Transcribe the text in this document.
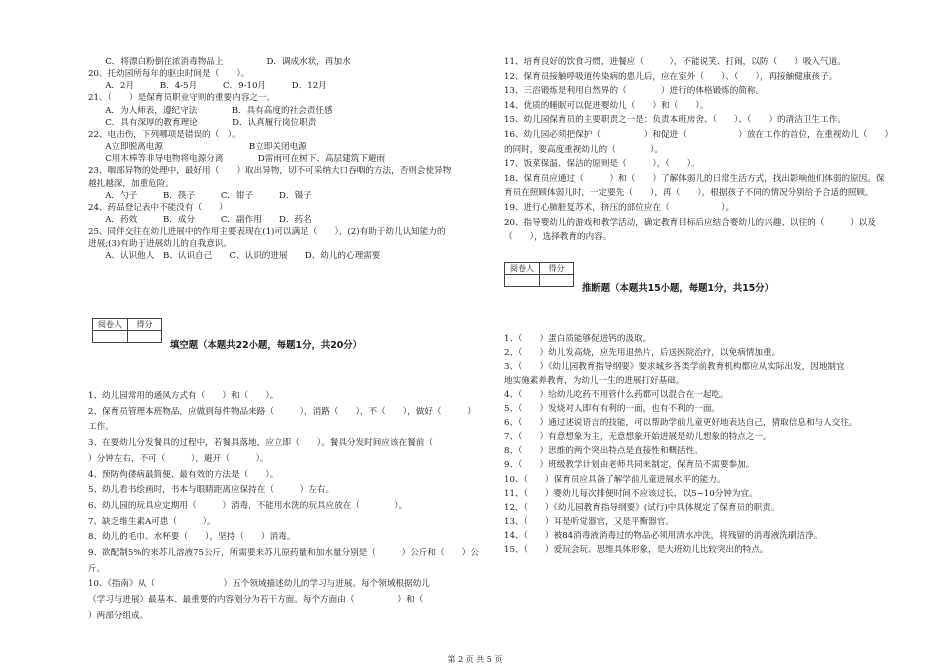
　　C．将漂白粉倒在浓消毒物品上　　　　　D．调成水状，再加水
20、托幼园所每年的驱虫时间是（　　）。
　　A．2月　　　B．4-5月　　　C．9-10月　　　D．12月
21、（　　）是保育员职业守则的重要内容之一。
　　A．为人师表，遵纪守法　　　　B．具有高度的社会责任感
　　C．具有深厚的教育理论　　　　D．认真履行岗位职责
22、电击伤，下列哪项是错误的（　）。
　　A立即脱离电源　　　　　　　　　　B立即关闭电源
　　C用木棒等非导电物将电源分离　　　　D雷雨可在树下、高层建筑下避雨
23、咽部异物的处理中，最好用（　　）取出异物，切不可采纳大口吞咽的方法，否则会使异物
越扎越深，加重危险。
　　A．勺子　　　B．筷子　　　C．钳子　　　D．镊子
24、药品登记表中不能没有（　　）
　　A．药效　　　B．成分　　　C．副作用　　D．药名
25、同伴交往在幼儿进展中的作用主要表现在(1)可以满足（　　），(2)有助于幼儿认知能力的
进展;(3)有助于进展幼儿的自我意识。
　　A、认识他人　B、认识自己　　C、认识的进展　　D、幼儿的心理需要
阅卷人	得分
填空题（本题共22小题，每题1分，共20分）
1、幼儿园常用的通风方式有（　　）和（　　）。
2、保育员管理本班物品，应做到每件物品来路（　　　），消路（　　），不（　　），做好（　　　）
工作。
3、在要幼儿分发餐具的过程中，若餐具落地，应立即（　　）。餐具分发时间应该在餐前（　　
）分钟左右，不可（　　　），避开（　　　）。
4、预防佝偻病最简便、最有效的方法是（　　）。
5、幼儿看书绘画时，书本与眼睛距离应保持在（　　　）左右。
6、幼儿园的玩具应定期用（　　　）消毒，不能用水洗的玩具应放在（　　　　）。
7、缺乏维生素A可患（　　　）。
8、幼儿的毛巾、水杯要（　　），坚持（　　）消毒。
9、欲配制5%的来苏儿溶液75公斤，所需要来苏儿原药量和加水量分别是（　　　）公斤和（　　）公
斤。
10、《指南》从（　　　　　　　　）五个领域描述幼儿的学习与进展。每个领域根据幼儿
（学习与进展）最基本、最重要的内容划分为若干方面。每个方面由（　　　　　）和（　　　
）两部分组成。
11、培育良好的饮食习惯，进餐应（　　　），不能说笑、打闹，以防（　　）吸入气道。
12、保育员接触呼吸道传染病的患儿后，应在室外（　　）、（　　），再接触健康孩子。
13、三浴锻炼是利用自然界的（　　　　）进行的体格锻炼的简称。
14、优质的睡眠可以促进婴幼儿（　　）和（　　）。
15、幼儿园保育员的主要职责之一是：负责本班房舍、（　　）、（　　）的清洁卫生工作。
16、幼儿园必须把保护（　　　　　）和促进（　　　　　　）放在工作的首位，在重视幼儿（　　）
的同时，要高度重视幼儿的（　　　　）。
17、饭菜保温、保洁的原则是（　　　），（　　）。
18、保育员应通过（　　　）和（　　）了解体弱儿的日常生活方式，找出影响他们体弱的原因。保
育员在照顾体弱儿时，一定要先（　　），再（　　），根据孩子不同的情况分别给予合适的照顾。
19、进行心肺脏复苏术，挤压的部位应在（　　　　　　）。
20、指导婴幼儿的游戏和教学活动，确定教育目标后应结合婴幼儿的兴趣、以往的（　　　）以及
（　　），选择教育的内容。
阅卷人	得分
推断题（本题共15小题，每题1分，共15分）
1、（　　）蛋白质能够促进钙的汲取。
2、（　　）幼儿发高烧，应先用退热片，后送医院治疗，以免病情加重。
3、（　　）《幼儿园教育指导纲要》要求城乡各类学前教育机构都应从实际出发，因地制宜
地实施素养教育，为幼儿一生的进展打好基础。
4、（　　）给幼儿吃药不用管什么药都可以混合在一起吃。
5、（　　）发烧对人即有有利的一面，也有不利的一面。
6、（　　）通过述说语言的技能，可以帮助学前儿童更好地表达自己，猜取信息和与人交往。
7、（　　）有意想象为主，无意想象开始进展是幼儿想象的特点之一。
8、（　　）思维的两个突出特点是直接性和概括性。
9、（　　）班级教学计划由老师共同来制定，保育员不需要参加。
10、（　　）保育员应具备了解学前儿童进展水平的能力。
11、（　　）婴幼儿每次排便时间不应该过长，以5~10分钟为宜。
12、（　　）《幼儿园教育指导纲要》(试行)中具体规定了保育员的职责。
13、（　　）耳是听觉器官，又是平衡器官。
14、（　　）被84消毒液消毒过的物品必须用清水冲洗，将残留的消毒液洗刷洁净。
15、（　　）爱玩会玩、思维具体形象，是大班幼儿比较突出的特点。
第 2 页 共 5 页
